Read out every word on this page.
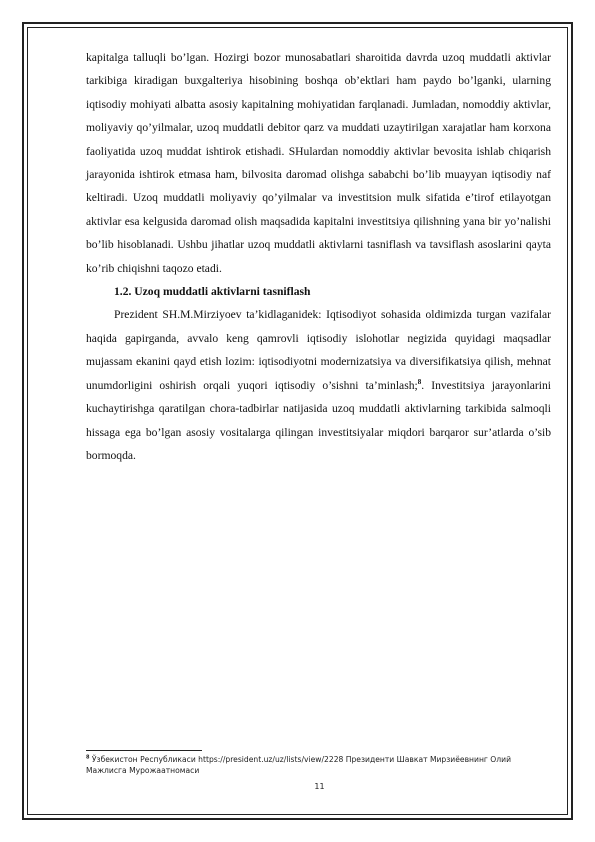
kapitalga talluqli bo’lgan. Hozirgi bozor munosabatlari sharoitida davrda uzoq muddatli aktivlar tarkibiga kiradigan buxgalteriya hisobining boshqa ob’ektlari ham paydo bo’lganki, ularning iqtisodiy mohiyati albatta asosiy kapitalning mohiyatidan farqlanadi. Jumladan, nomoddiy aktivlar, moliyaviy qo’yilmalar, uzoq muddatli debitor qarz va muddati uzaytirilgan xarajatlar ham korxona faoliyatida uzoq muddat ishtirok etishadi. SHulardan nomoddiy aktivlar bevosita ishlab chiqarish jarayonida ishtirok etmasa ham, bilvosita daromad olishga sababchi bo’lib muayyan iqtisodiy naf keltiradi. Uzoq muddatli moliyaviy qo’yilmalar va investitsion mulk sifatida e’tirof etilayotgan aktivlar esa kelgusida daromad olish maqsadida kapitalni investitsiya qilishning yana bir yo’nalishi bo’lib hisoblanadi. Ushbu jihatlar uzoq muddatli aktivlarni tasniflash va tavsiflash asoslarini qayta ko’rib chiqishni taqozo etadi.

1.2. Uzoq muddatli aktivlarni tasniflash

Prezident SH.M.Mirziyoev ta’kidlaganidek: Iqtisodiyot sohasida oldimizda turgan vazifalar haqida gapirganda, avvalo keng qamrovli iqtisodiy islohotlar negizida quyidagi maqsadlar mujassam ekanini qayd etish lozim: iqtisodiyotni modernizatsiya va diversifikatsiya qilish, mehnat unumdorligini oshirish orqali yuqori iqtisodiy o’sishni ta’minlash;$^8$. Investitsiya jarayonlarini kuchaytirishga qaratilgan chora-tadbirlar natijasida uzoq muddatli aktivlarning tarkibida salmoqli hissaga ega bo’lgan asosiy vositalarga qilingan investitsiyalar miqdori barqaror sur’atlarda o’sib bormoqda.

$^8$ Ўзбекистон Республикаси https://president.uz/uz/lists/view/2228 Президенти Шавкат Мирзиёевнинг Олий Мажлисга Мурожаатномаси
11
